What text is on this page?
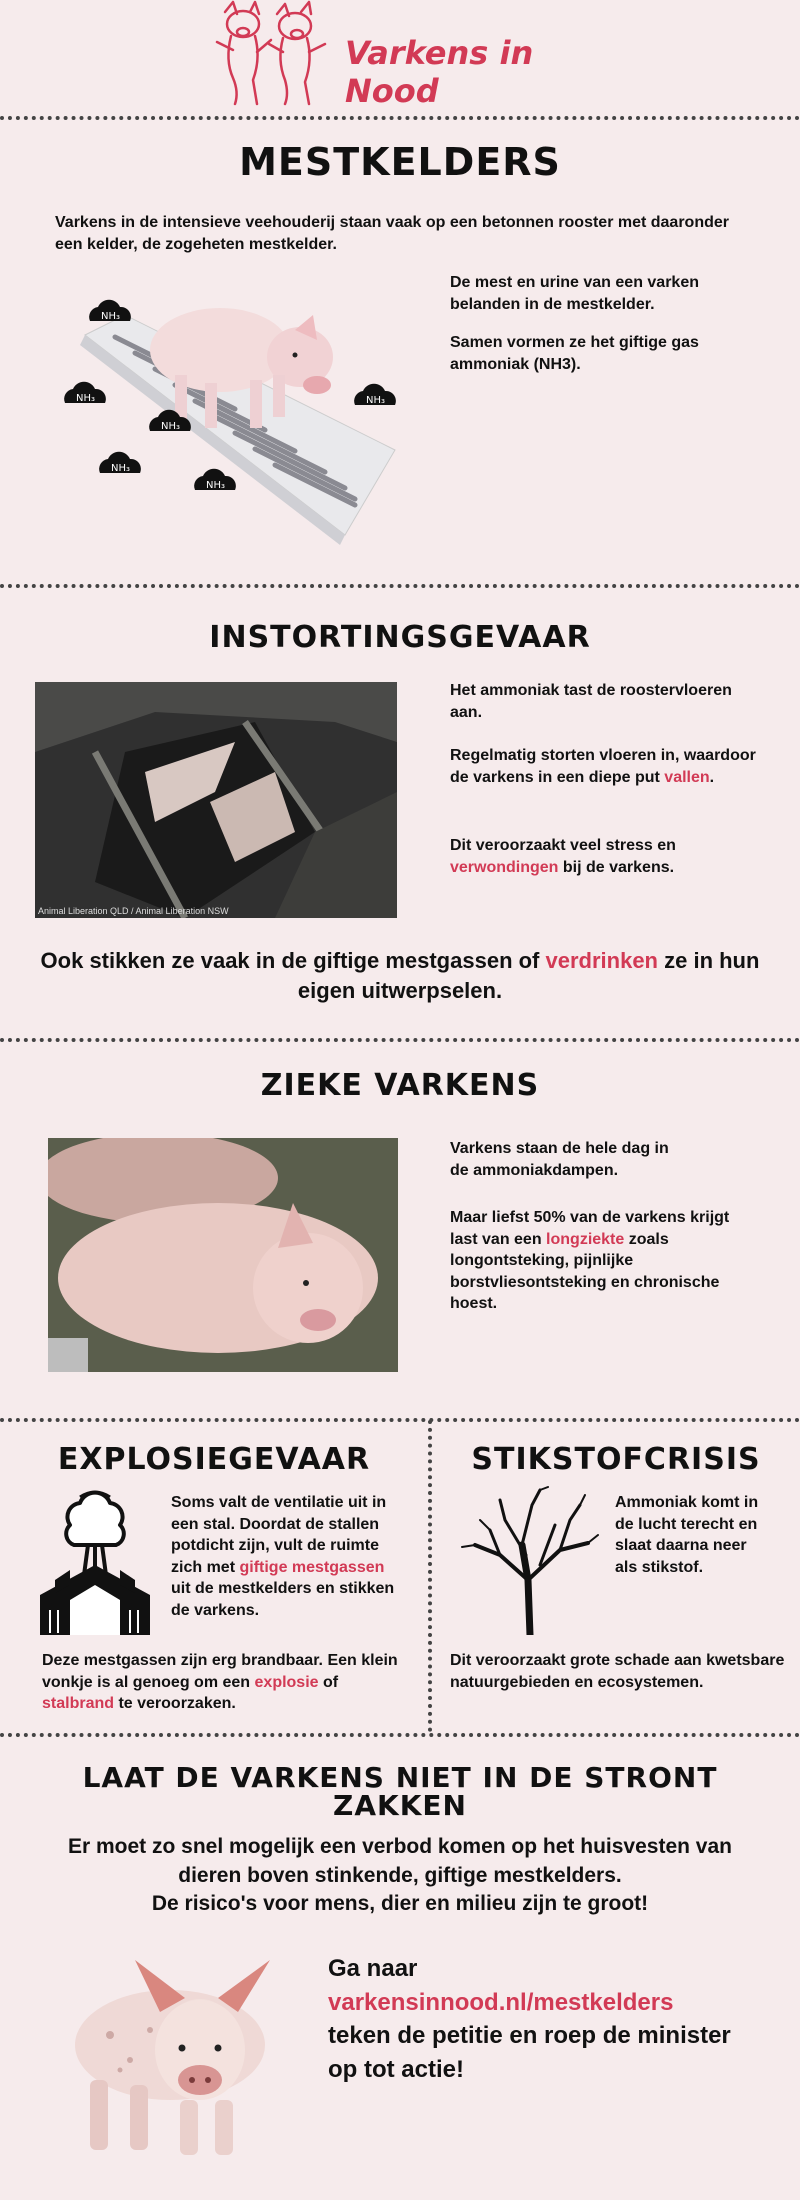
Varkens in Nood
MESTKELDERS

Varkens in de intensieve veehouderij staan vaak op een betonnen rooster met daaronder een kelder, de zogeheten mestkelder.

NH₃
NH₃
NH₃
NH₃
NH₃
NH₃

De mest en urine van een varken belanden in de mestkelder.

Samen vormen ze het giftige gas ammoniak (NH3).

INSTORTINGSGEVAAR
Animal Liberation QLD / Animal Liberation NSW

Het ammoniak tast de roostervloeren aan.

Regelmatig storten vloeren in, waardoor de varkens in een diepe put vallen.

Dit veroorzaakt veel stress en verwondingen bij de varkens.

Ook stikken ze vaak in de giftige mestgassen of verdrinken ze in hun eigen uitwerpselen.

ZIEKE VARKENS

Varkens staan de hele dag in de ammoniakdampen.

Maar liefst 50% van de varkens krijgt last van een longziekte zoals longontsteking, pijnlijke borstvliesontsteking en chronische hoest.

EXPLOSIEGEVAAR

Soms valt de ventilatie uit in een stal. Doordat de stallen potdicht zijn, vult de ruimte zich met giftige mestgassen uit de mestkelders en stikken de varkens.

Deze mestgassen zijn erg brandbaar. Een klein vonkje is al genoeg om een explosie of stalbrand te veroorzaken.

STIKSTOFCRISIS

Ammoniak komt in de lucht terecht en slaat daarna neer als stikstof.

Dit veroorzaakt grote schade aan kwetsbare natuurgebieden en ecosystemen.

LAAT DE VARKENS NIET IN DE STRONT ZAKKEN

Er moet zo snel mogelijk een verbod komen op het huisvesten van dieren boven stinkende, giftige mestkelders.

De risico's voor mens, dier en milieu zijn te groot!

Ga naar
varkensinnood.nl/mestkelders
teken de petitie en roep de minister op tot actie!
